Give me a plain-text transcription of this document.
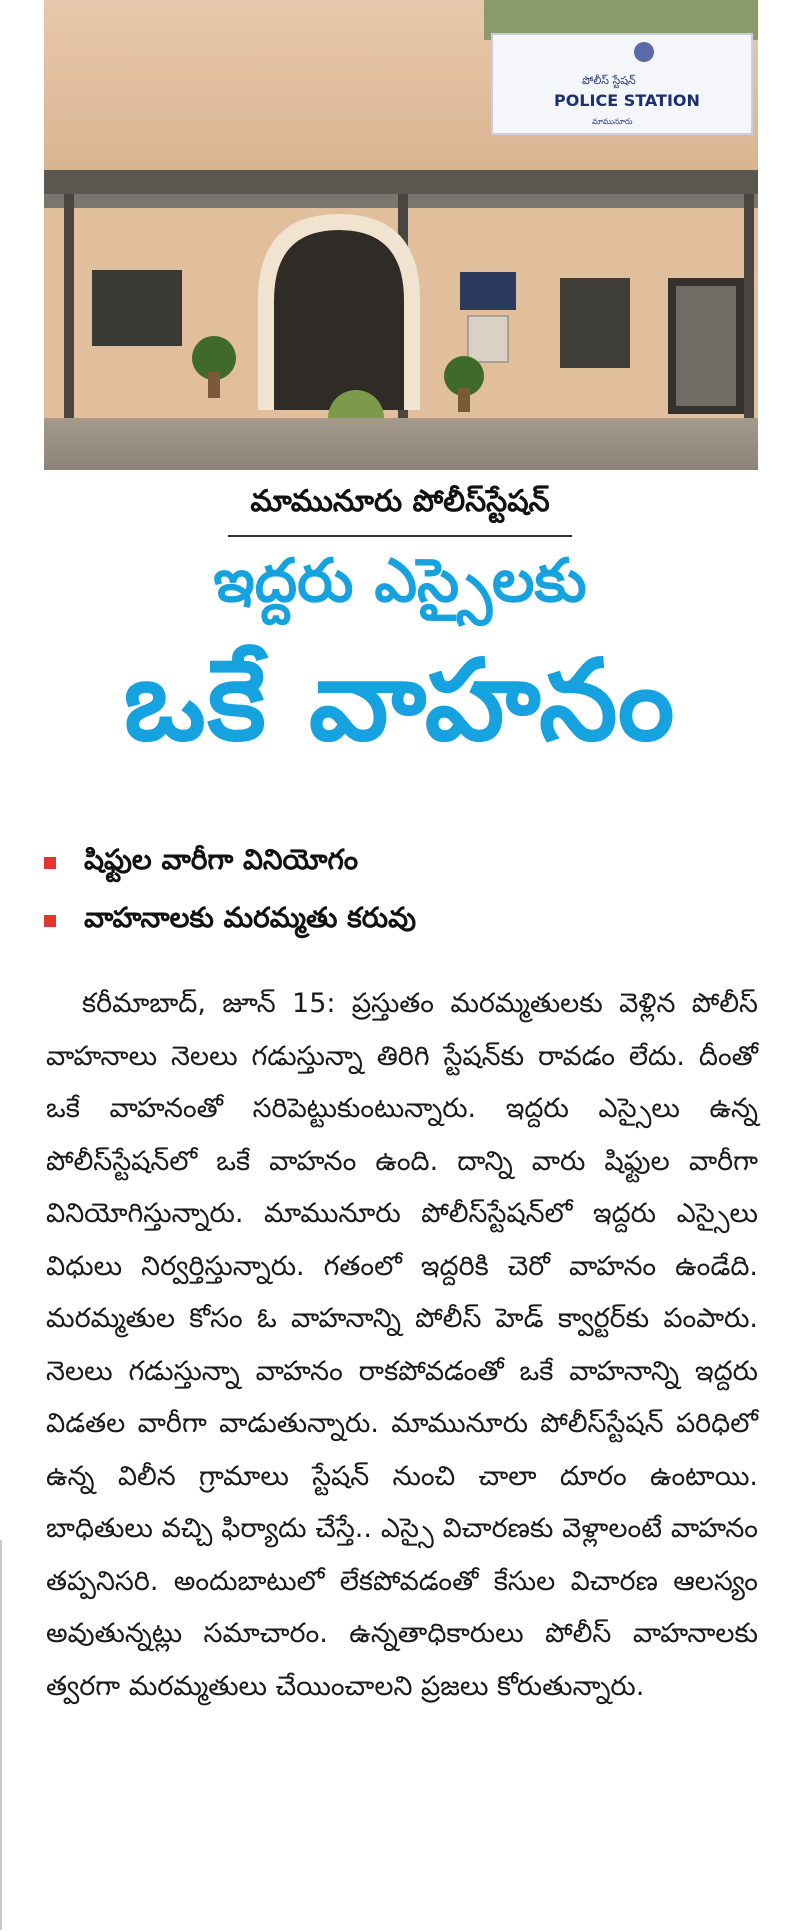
పోలీస్ స్టేషన్
POLICE STATION
మామునూరు
మామునూరు పోలీస్‌స్టేషన్
ఇద్దరు ఎస్సైలకు
ఒకే వాహనం
షిఫ్టుల వారీగా వినియోగం
వాహనాలకు మరమ్మతు కరువు

కరీమాబాద్, జూన్ 15: ప్రస్తుతం మరమ్మతులకు వెళ్లిన పోలీస్ వాహనాలు నెలలు గడుస్తున్నా తిరిగి స్టేషన్‌కు రావడం లేదు. దీంతో ఒకే వాహనంతో సరిపెట్టుకుంటున్నారు. ఇద్దరు ఎస్సైలు ఉన్న పోలీస్‌స్టేషన్‌లో ఒకే వాహనం ఉంది. దాన్ని వారు షిఫ్టుల వారీగా వినియోగిస్తున్నారు. మామునూరు పోలీస్‌స్టేషన్‌లో ఇద్దరు ఎస్సైలు విధులు నిర్వర్తిస్తున్నారు. గతంలో ఇద్దరికి చెరో వాహనం ఉండేది. మరమ్మతుల కోసం ఓ వాహనాన్ని పోలీస్ హెడ్ క్వార్టర్‌కు పంపారు. నెలలు గడుస్తున్నా వాహనం రాకపోవడంతో ఒకే వాహనాన్ని ఇద్దరు విడతల వారీగా వాడుతున్నారు. మామునూరు పోలీస్‌స్టేషన్ పరిధిలో ఉన్న విలీన గ్రామాలు స్టేషన్ నుంచి చాలా దూరం ఉంటాయి. బాధితులు వచ్చి ఫిర్యాదు చేస్తే.. ఎస్సై విచారణకు వెళ్లాలంటే వాహనం తప్పనిసరి. అందుబాటులో లేకపోవడంతో కేసుల విచారణ ఆలస్యం అవుతున్నట్లు సమాచారం. ఉన్నతాధికారులు పోలీస్ వాహనాలకు త్వరగా మరమ్మతులు చేయించాలని ప్రజలు కోరుతున్నారు.
